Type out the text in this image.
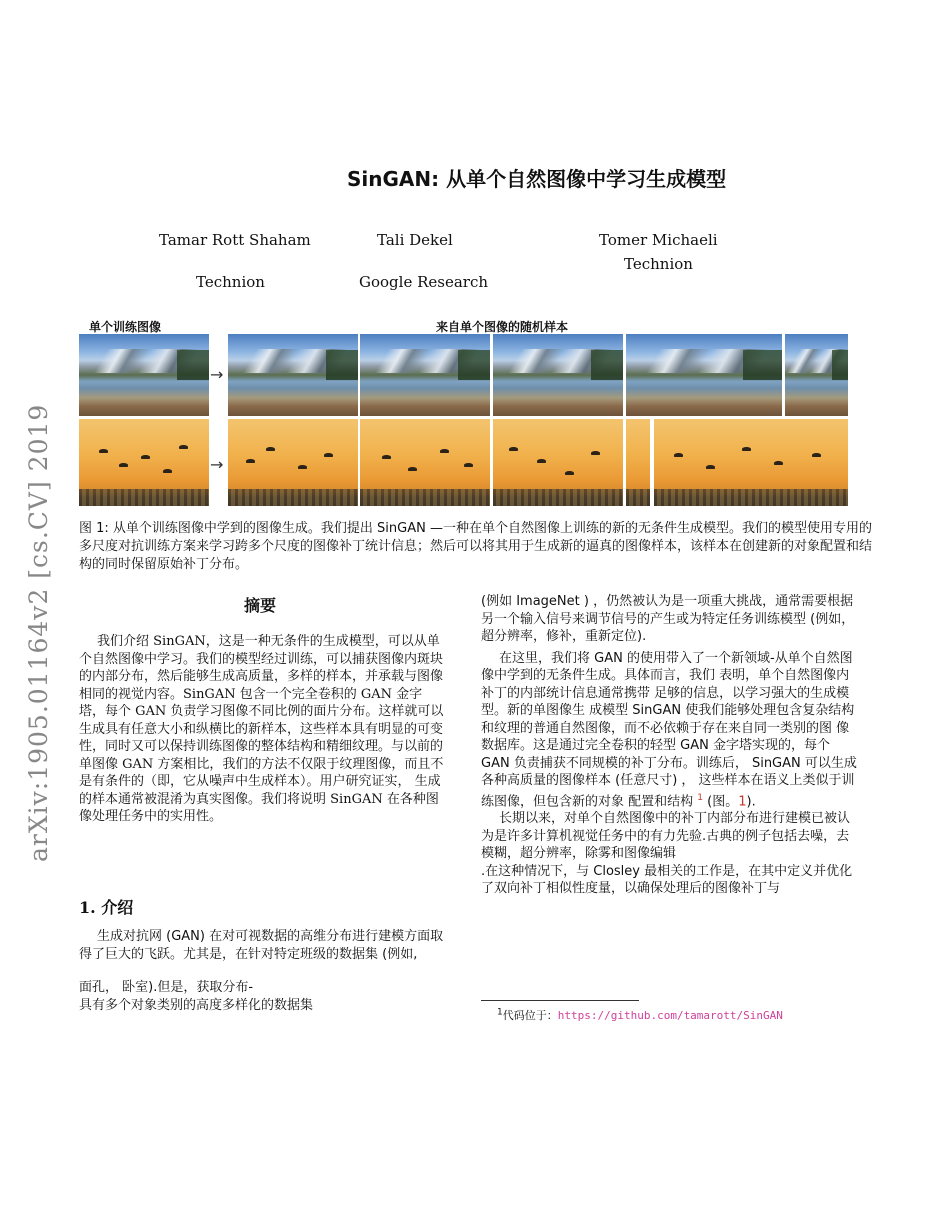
arXiv:1905.01164v2 [cs.CV] 2019
SinGAN: 从单个自然图像中学习生成模型
Tamar Rott Shaham	Tali Dekel	Tomer Michaeli
Technion	Google Research
Technion
单个训练图像	来自单个图像的随机样本
→
→
图 1: 从单个训练图像中学到的图像生成。我们提出 SinGAN —一种在单个自然图像上训练的新的无条件生成模型。我们的模型使用专用的多尺度对抗训练方案来学习跨多个尺度的图像补丁统计信息；然后可以将其用于生成新的逼真的图像样本，该样本在创建新的对象配置和结构的同时保留原始补丁分布。
摘要

我们介绍 SinGAN，这是一种无条件的生成模型，可以从单个自然图像中学习。我们的模型经过训练，可以捕获图像内斑块的内部分布，然后能够生成高质量，多样的样本，并承载与图像相同的视觉内容。SinGAN 包含一个完全卷积的 GAN 金字塔，每个 GAN 负责学习图像不同比例的面片分布。这样就可以生成具有任意大小和纵横比的新样本，这些样本具有明显的可变性，同时又可以保持训练图像的整体结构和精细纹理。与以前的单图像 GAN 方案相比，我们的方法不仅限于纹理图像，而且不是有条件的（即，它从噪声中生成样本）。用户研究证实， 生成的样本通常被混淆为真实图像。我们将说明 SinGAN 在各种图像处理任务中的实用性。

1. 介绍

生成对抗网 (GAN) 在对可视数据的高维分布进行建模方面取得了巨大的飞跃。尤其是，在针对特定班级的数据集 (例如,

面孔， 卧室).但是，获取分布-

具有多个对象类别的高度多样化的数据集

(例如 ImageNet ) ，仍然被认为是一项重大挑战，通常需要根据另一个输入信号来调节信号的产生或为特定任务训练模型 (例如，超分辨率，修补，重新定位).

在这里，我们将 GAN 的使用带入了一个新领域-从单个自然图像中学到的无条件生成。具体而言，我们 表明，单个自然图像内补丁的内部统计信息通常携带 足够的信息，以学习强大的生成模型。新的单图像生 成模型 SinGAN 使我们能够处理包含复杂结构和纹理的普通自然图像，而不必依赖于存在来自同一类别的图 像数据库。这是通过完全卷积的轻型 GAN 金字塔实现的，每个 GAN 负责捕获不同规模的补丁分布。训练后， SinGAN 可以生成各种高质量的图像样本 (任意尺寸) ， 这些样本在语义上类似于训练图像，但包含新的对象 配置和结构 $^1$ (图。1).

长期以来，对单个自然图像中的补丁内部分布进行建模已被认为是许多计算机视觉任务中的有力先验.古典的例子包括去噪，去模糊，超分辨率，除雾和图像编辑

.在这种情况下，与 Closley 最相关的工作是，在其中定义并优化了双向补丁相似性度量，以确保处理后的图像补丁与

$^1$代码位于：https://github.com/tamarott/SinGAN
